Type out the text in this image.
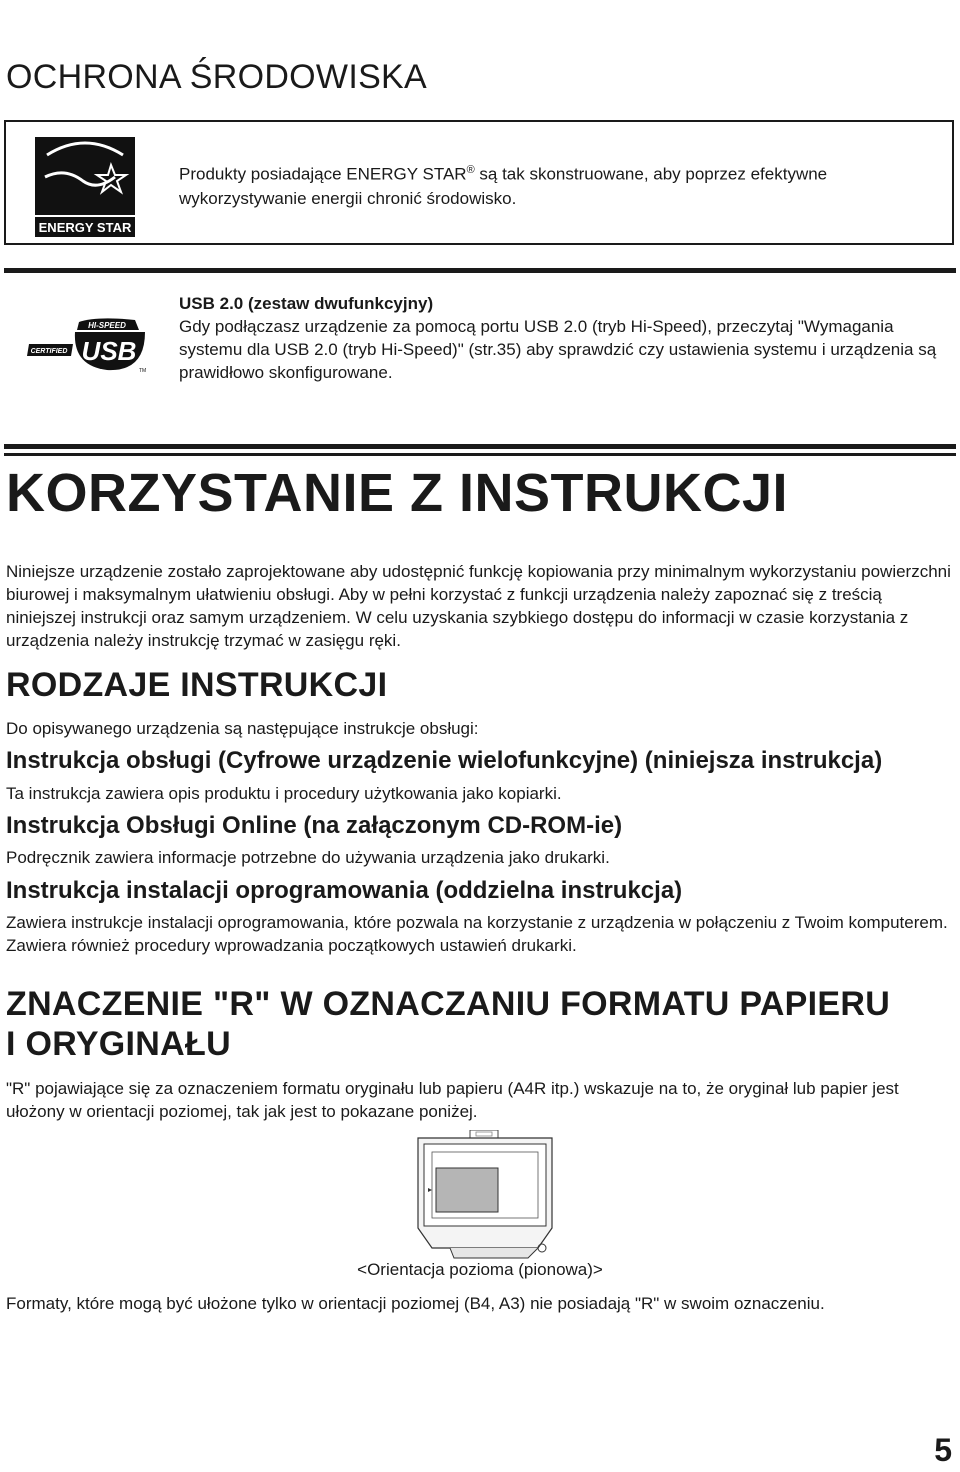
OCHRONA ŚRODOWISKA
ENERGY STAR
Produkty posiadające ENERGY STAR® są tak skonstruowane, aby poprzez efektywne wykorzystywanie energii chronić środowisko.
HI-SPEED
CERTIFIED USB
TM
USB 2.0 (zestaw dwufunkcyjny)
Gdy podłączasz urządzenie za pomocą portu USB 2.0 (tryb Hi-Speed), przeczytaj "Wymagania systemu dla USB 2.0 (tryb Hi-Speed)" (str.35) aby sprawdzić czy ustawienia systemu i urządzenia są prawidłowo skonfigurowane.
KORZYSTANIE Z INSTRUKCJI

Niniejsze urządzenie zostało zaprojektowane aby udostępnić funkcję kopiowania przy minimalnym wykorzystaniu powierzchni biurowej i maksymalnym ułatwieniu obsługi. Aby w pełni korzystać z funkcji urządzenia należy zapoznać się z treścią niniejszej instrukcji oraz samym urządzeniem. W celu uzyskania szybkiego dostępu do informacji w czasie korzystania z urządzenia należy instrukcję trzymać w zasięgu ręki.

RODZAJE INSTRUKCJI

Do opisywanego urządzenia są następujące instrukcje obsługi:

Instrukcja obsługi (Cyfrowe urządzenie wielofunkcyjne) (niniejsza instrukcja)

Ta instrukcja zawiera opis produktu i procedury użytkowania jako kopiarki.

Instrukcja Obsługi Online (na załączonym CD-ROM-ie)

Podręcznik zawiera informacje potrzebne do używania urządzenia jako drukarki.

Instrukcja instalacji oprogramowania (oddzielna instrukcja)

Zawiera instrukcje instalacji oprogramowania, które pozwala na korzystanie z urządzenia w połączeniu z Twoim komputerem. Zawiera również procedury wprowadzania początkowych ustawień drukarki.

ZNACZENIE "R" W OZNACZANIU FORMATU PAPIERU I ORYGINAŁU

"R" pojawiające się za oznaczeniem formatu oryginału lub papieru (A4R itp.) wskazuje na to, że oryginał lub papier jest ułożony w orientacji poziomej, tak jak jest to pokazane poniżej.

<Orientacja pozioma (pionowa)>

Formaty, które mogą być ułożone tylko w orientacji poziomej (B4, A3) nie posiadają "R" w swoim oznaczeniu.

5
